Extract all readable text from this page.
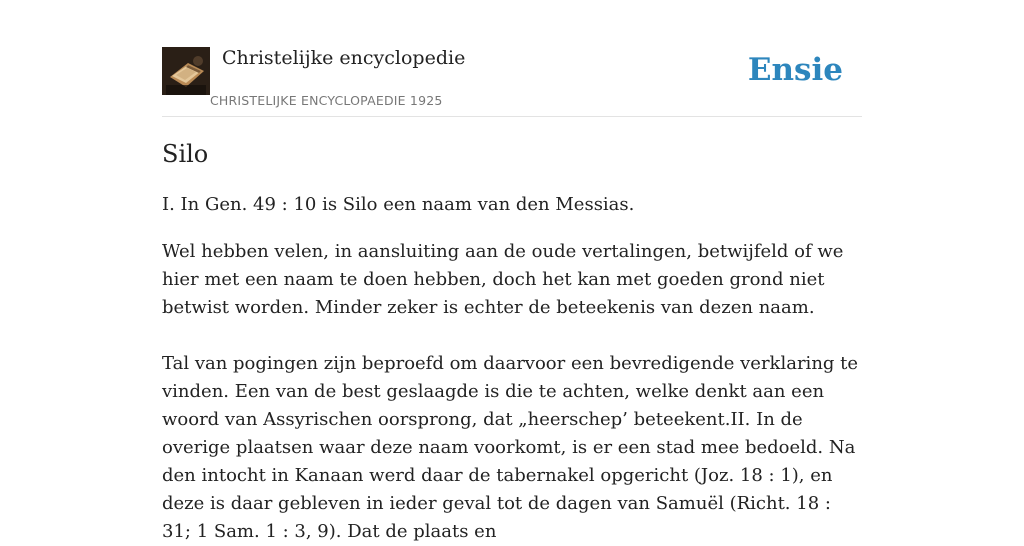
Christelijke encyclopedie
CHRISTELIJKE ENCYCLOPAEDIE 1925
Ensie
Silo

I. In Gen. 49 : 10 is Silo een naam van den Messias.

Wel hebben velen, in aansluiting aan de oude vertalingen, betwijfeld of we hier met een naam te doen hebben, doch het kan met goeden grond niet betwist worden. Minder zeker is echter de beteekenis van dezen naam.

Tal van pogingen zijn beproefd om daarvoor een bevredigende verklaring te vinden. Een van de best geslaagde is die te achten, welke denkt aan een woord van Assyrischen oorsprong, dat „heerschep’ beteekent.II. In de overige plaatsen waar deze naam voorkomt, is er een stad mee bedoeld. Na den intocht in Kanaan werd daar de tabernakel opgericht (Joz. 18 : 1), en deze is daar gebleven in ieder geval tot de dagen van Samuël (Richt. 18 : 31; 1 Sam. 1 : 3, 9). Dat de plaats en
